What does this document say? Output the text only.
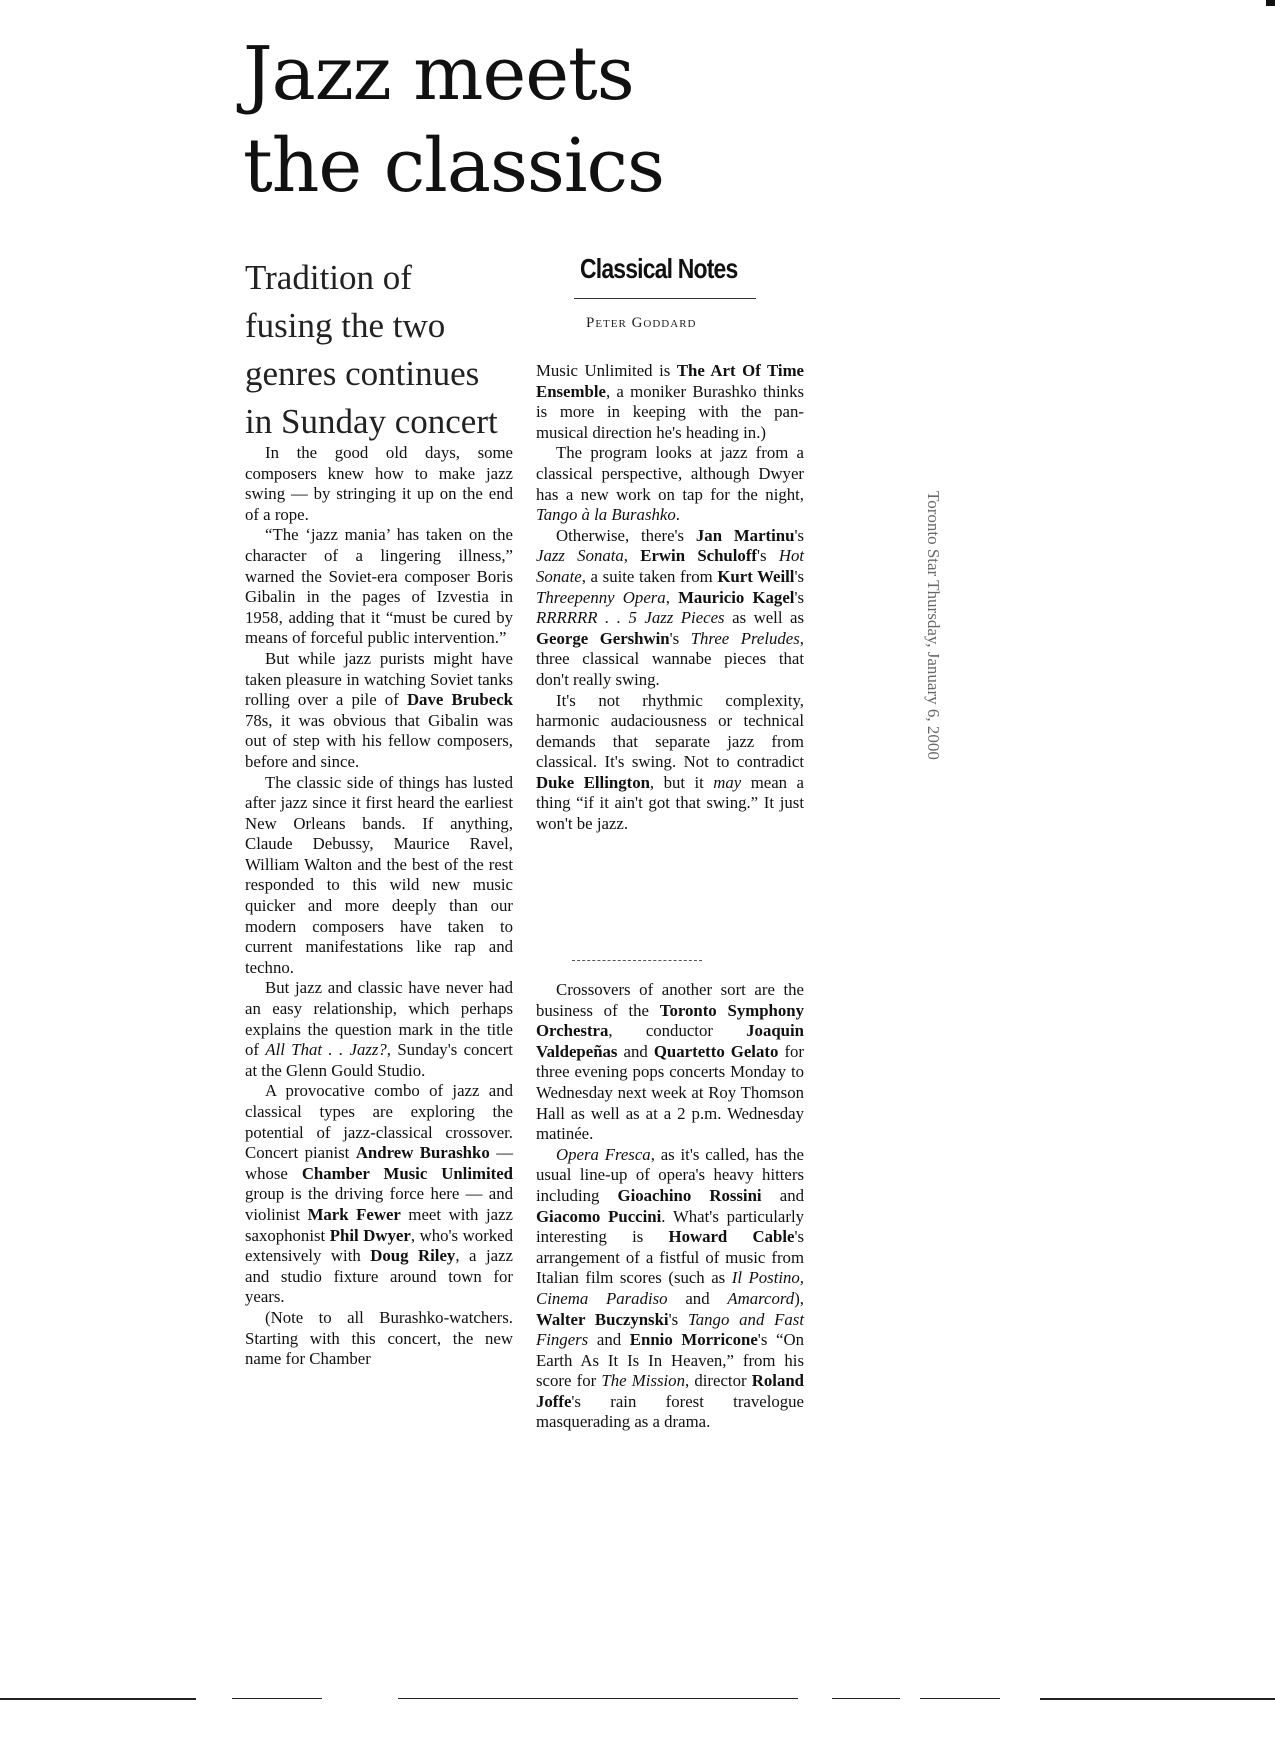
Jazz meets
the classics
Tradition of
fusing the two
genres continues
in Sunday concert
Classical Notes
Peter Goddard

In the good old days, some composers knew how to make jazz swing — by stringing it up on the end of a rope.

“The ‘jazz mania’ has taken on the character of a lingering illness,” warned the Soviet-era composer Boris Gibalin in the pages of Izvestia in 1958, adding that it “must be cured by means of forceful public intervention.”

But while jazz purists might have taken pleasure in watching Soviet tanks rolling over a pile of Dave Brubeck 78s, it was obvious that Gibalin was out of step with his fellow composers, before and since.

The classic side of things has lusted after jazz since it first heard the earliest New Orleans bands. If anything, Claude Debussy, Maurice Ravel, William Walton and the best of the rest responded to this wild new music quicker and more deeply than our modern composers have taken to current manifestations like rap and techno.

But jazz and classic have never had an easy relationship, which perhaps explains the question mark in the title of All That . . Jazz?, Sunday's concert at the Glenn Gould Studio.

A provocative combo of jazz and classical types are exploring the potential of jazz-classical crossover. Concert pianist Andrew Burashko — whose Chamber Music Unlimited group is the driving force here — and violinist Mark Fewer meet with jazz saxophonist Phil Dwyer, who's worked extensively with Doug Riley, a jazz and studio fixture around town for years.

(Note to all Burashko-watchers. Starting with this concert, the new name for Chamber

Music Unlimited is The Art Of Time Ensemble, a moniker Burashko thinks is more in keeping with the pan-musical direction he's heading in.)

The program looks at jazz from a classical perspective, although Dwyer has a new work on tap for the night, Tango à la Burashko.

Otherwise, there's Jan Martinu's Jazz Sonata, Erwin Schuloff's Hot Sonate, a suite taken from Kurt Weill's Threepenny Opera, Mauricio Kagel's RRRRRR . . 5 Jazz Pieces as well as George Gershwin's Three Preludes, three classical wannabe pieces that don't really swing.

It's not rhythmic complexity, harmonic audaciousness or technical demands that separate jazz from classical. It's swing. Not to contradict Duke Ellington, but it may mean a thing “if it ain't got that swing.” It just won't be jazz.

Crossovers of another sort are the business of the Toronto Symphony Orchestra, conductor Joaquin Valdepeñas and Quartetto Gelato for three evening pops concerts Monday to Wednesday next week at Roy Thomson Hall as well as at a 2 p.m. Wednesday matinée.

Opera Fresca, as it's called, has the usual line-up of opera's heavy hitters including Gioachino Rossini and Giacomo Puccini. What's particularly interesting is Howard Cable's arrangement of a fistful of music from Italian film scores (such as Il Postino, Cinema Paradiso and Amarcord), Walter Buczynski's Tango and Fast Fingers and Ennio Morricone's “On Earth As It Is In Heaven,” from his score for The Mission, director Roland Joffe's rain forest travelogue masquerading as a drama.

Toronto Star Thursday, January 6, 2000
